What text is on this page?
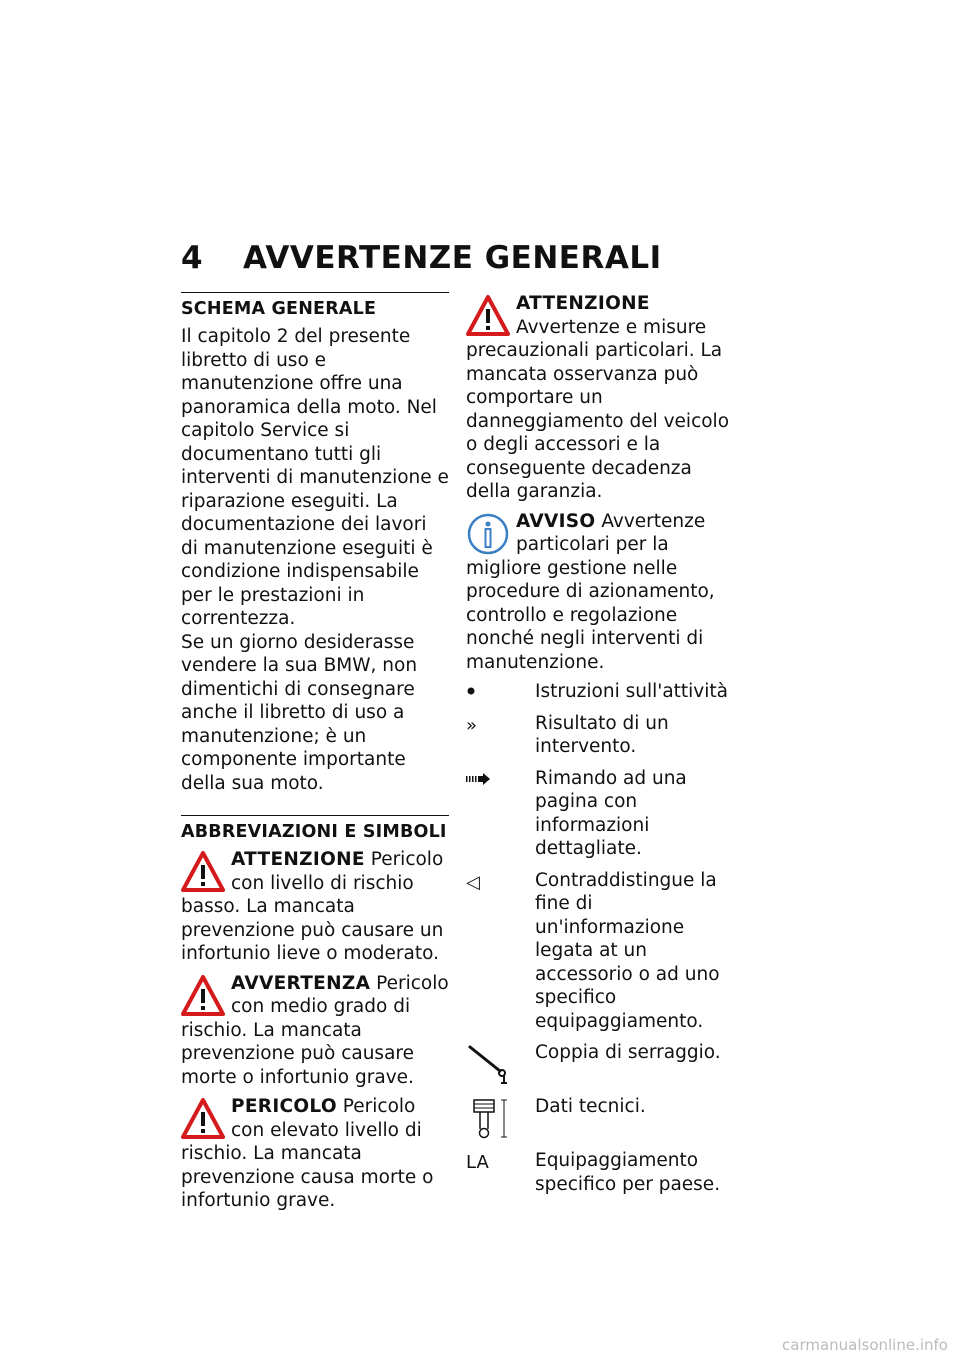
4 AVVERTENZE GENERALI
SCHEMA GENERALE

Il capitolo 2 del presente libretto di uso e manutenzione offre una panoramica della moto. Nel capitolo Service si documentano tutti gli interventi di manutenzione e riparazione eseguiti. La documentazione dei lavori di manutenzione eseguiti è condizione indispensabile per le prestazioni in correntezza.

Se un giorno desiderasse vendere la sua BMW, non dimentichi di consegnare anche il libretto di uso a manutenzione; è un componente importante della sua moto.

ABBREVIAZIONI E SIMBOLI
ATTENZIONE Pericolo con livello di rischio basso. La mancata prevenzione può causare un infortunio lieve o moderato.
AVVERTENZA Pericolo con medio grado di rischio. La mancata prevenzione può causare morte o infortunio grave.
PERICOLO Pericolo con elevato livello di rischio. La mancata prevenzione causa morte o infortunio grave.
ATTENZIONE Avvertenze e misure precauzionali particolari. La mancata osservanza può comportare un danneggiamento del veicolo o degli accessori e la conseguente decadenza della garanzia.
AVVISO Avvertenze particolari per la migliore gestione nelle procedure di azionamento, controllo e regolazione nonché negli interventi di manutenzione.
Istruzioni sull'attività
»	Risultato di un intervento.
Rimando ad una pagina con informazioni dettagliate.
◁	Contraddistingue la fine di un'informazione legata at un accessorio o ad uno specifico equipaggiamento.
Coppia di serraggio.
Dati tecnici.
LA	Equipaggiamento specifico per paese.
carmanualsonline.info
